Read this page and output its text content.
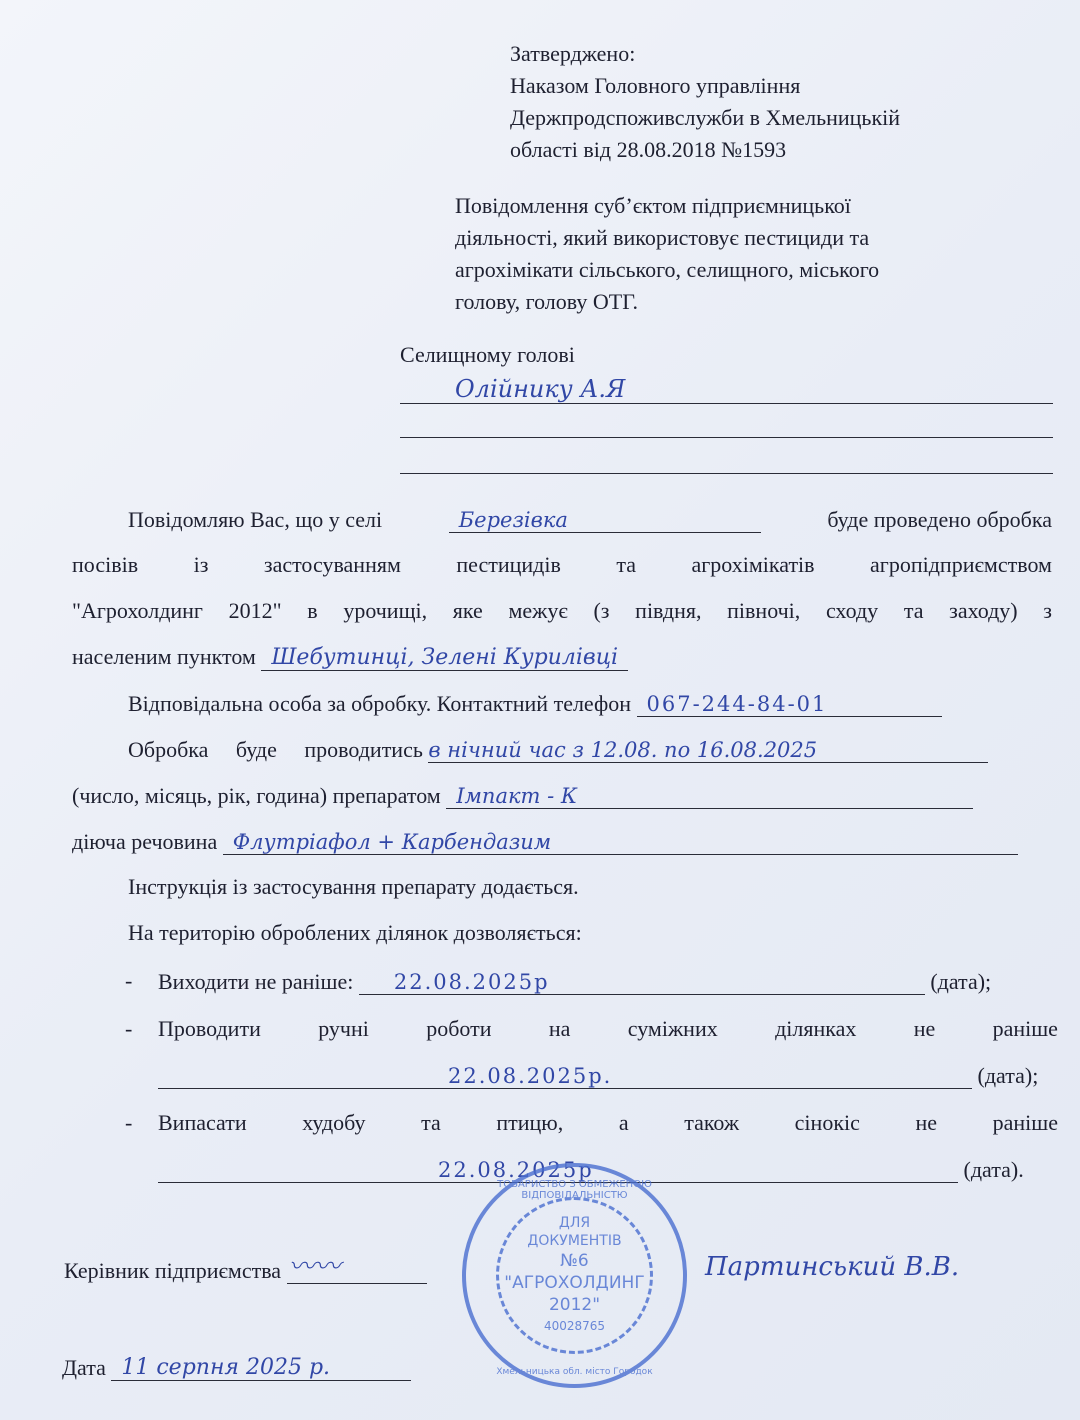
Затверджено:
Наказом Головного управління
Держпродспоживслужби в Хмельницькій
області від 28.08.2018 №1593
Повідомлення суб’єктом підприємницької
діяльності, який використовує пестициди та
агрохімікати сільського, селищного, міського
голову, голову ОТГ.
Селищному голові
Олійнику А.Я
Повідомляю Вас, що у селі	Березівка	буде проведено обробка
посівів	із	застосуванням	пестицидів	та	агрохімікатів	агропідприємством
"Агрохолдинг 2012" в урочищі, яке межує (з півдня, півночі, сходу та заходу) з
населеним пунктом Шебутинці, Зелені Курилівці
Відповідальна особа за обробку. Контактний телефон 067-244-84-01
Обробка буде проводитись в нічний час з 12.08. по 16.08.2025
(число, місяць, рік, година) препаратом Імпакт - К
діюча речовина Флутріафол + Карбендазим
Інструкція із застосування препарату додається.
На територію оброблених ділянок дозволяється:
- Виходити не раніше: 22.08.2025р	(дата);
- Проводити	ручні	роботи	на	суміжних	ділянках	не	раніше
22.08.2025р.	(дата);
- Випасати	худобу	та	птицю,	а	також	сінокіс	не	раніше
22.08.2025р	(дата).
ТОВАРИСТВО З ОБМЕЖЕНОЮ ВІДПОВІДАЛЬНІСТЮ
ДЛЯ
ДОКУМЕНТІВ
№6
"АГРОХОЛДИНГ
2012"
40028765
Хмельницька обл. місто Городок
Керівник підприємства 〰〰	Партинський В.В.
Дата 11 серпня 2025 р.
